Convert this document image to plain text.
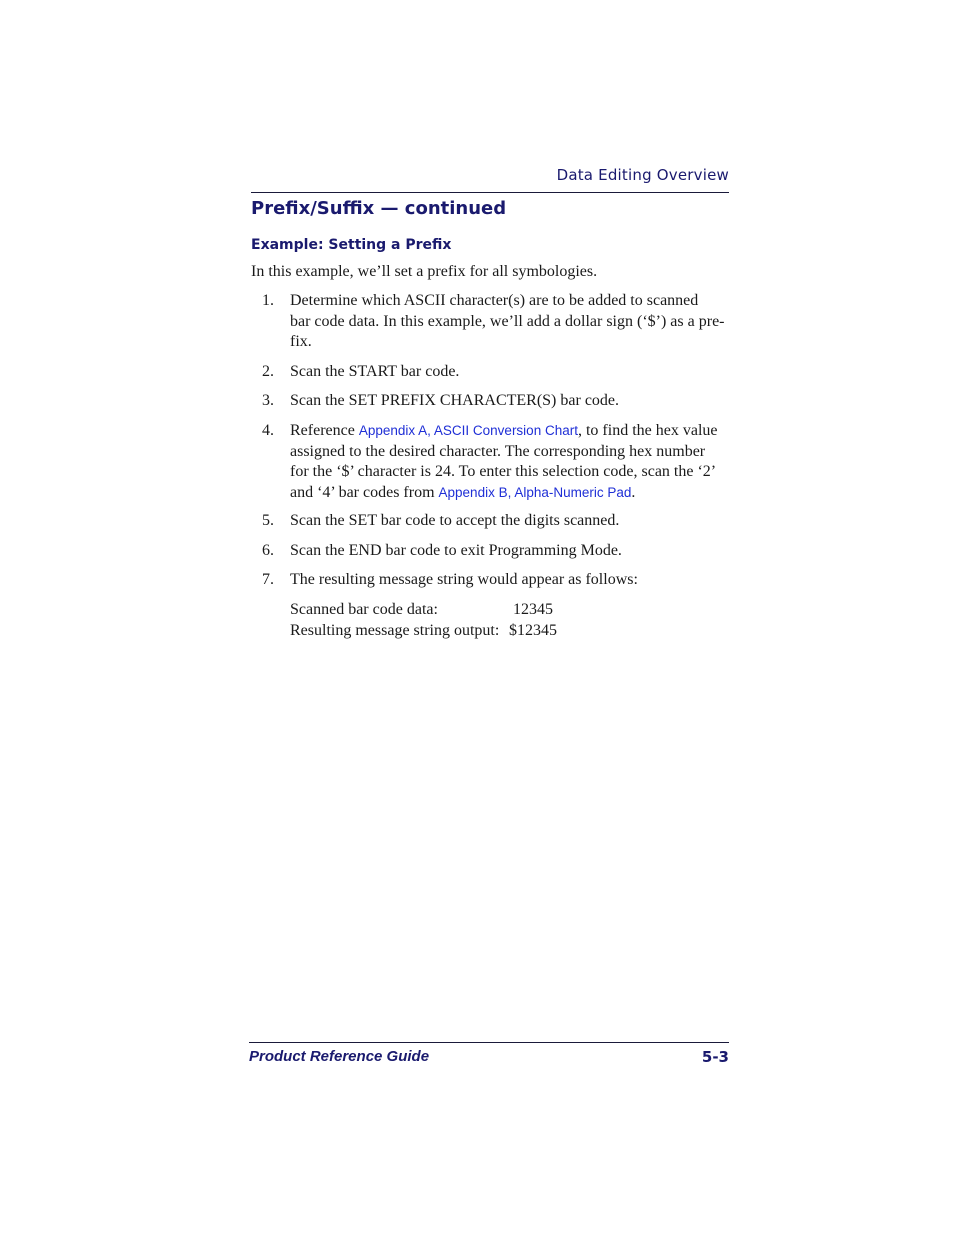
Data Editing Overview
Prefix/Suffix — continued
Example: Setting a Prefix
In this example, we’ll set a prefix for all symbologies.
1. Determine which ASCII character(s) are to be added to scanned
bar code data. In this example, we’ll add a dollar sign (‘$’) as a pre-
fix.
2. Scan the START bar code.
3. Scan the SET PREFIX CHARACTER(S) bar code.
4. Reference Appendix A, ASCII Conversion Chart, to find the hex value
assigned to the desired character. The corresponding hex number
for the ‘$’ character is 24. To enter this selection code, scan the ‘2’
and ‘4’ bar codes from Appendix B, Alpha-Numeric Pad.
5. Scan the SET bar code to accept the digits scanned.
6. Scan the END bar code to exit Programming Mode.
7. The resulting message string would appear as follows:
Scanned bar code data:	12345
Resulting message string output: $12345
Product Reference Guide	5-3
